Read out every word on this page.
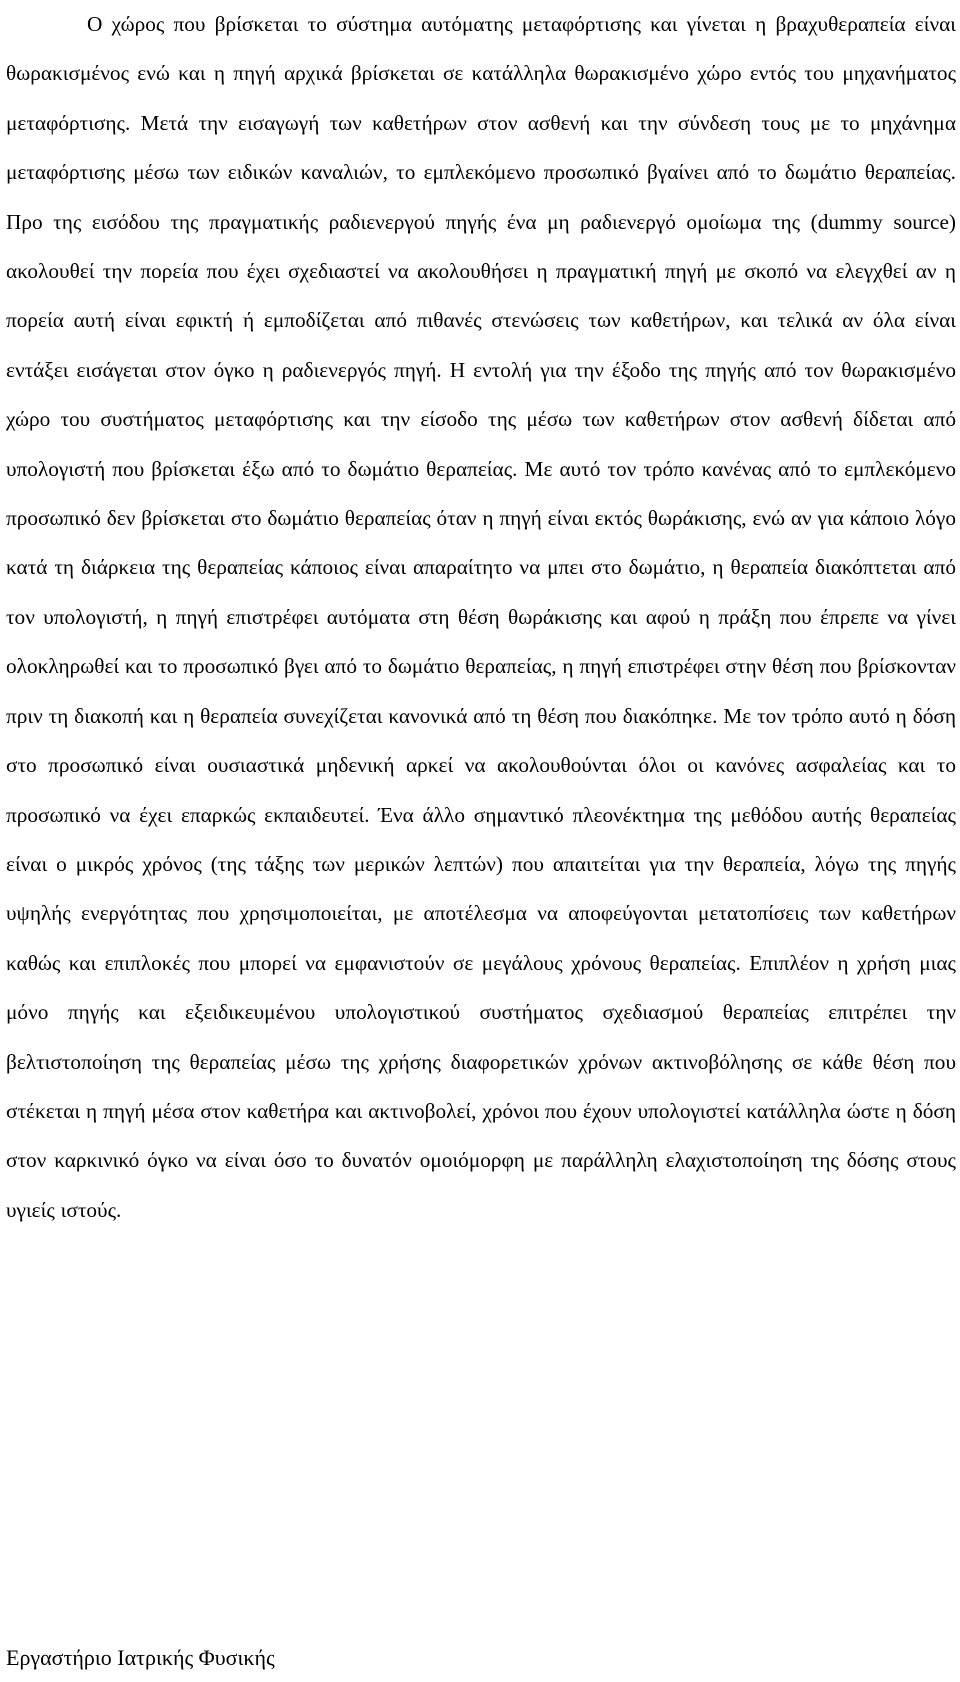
Ο χώρος που βρίσκεται το σύστημα αυτόματης μεταφόρτισης και γίνεται η βραχυθεραπεία είναι θωρακισμένος ενώ και η πηγή αρχικά βρίσκεται σε κατάλληλα θωρακισμένο χώρο εντός του μηχανήματος μεταφόρτισης. Μετά την εισαγωγή των καθετήρων στον ασθενή και την σύνδεση τους με το μηχάνημα μεταφόρτισης μέσω των ειδικών καναλιών, το εμπλεκόμενο προσωπικό βγαίνει από το δωμάτιο θεραπείας. Προ της εισόδου της πραγματικής ραδιενεργού πηγής ένα μη ραδιενεργό ομοίωμα της (dummy source) ακολουθεί την πορεία που έχει σχεδιαστεί να ακολουθήσει η πραγματική πηγή με σκοπό να ελεγχθεί αν η πορεία αυτή είναι εφικτή ή εμποδίζεται από πιθανές στενώσεις των καθετήρων, και τελικά αν όλα είναι εντάξει εισάγεται στον όγκο η ραδιενεργός πηγή. Η εντολή για την έξοδο της πηγής από τον θωρακισμένο χώρο του συστήματος μεταφόρτισης και την είσοδο της μέσω των καθετήρων στον ασθενή δίδεται από υπολογιστή που βρίσκεται έξω από το δωμάτιο θεραπείας. Με αυτό τον τρόπο κανένας από το εμπλεκόμενο προσωπικό δεν βρίσκεται στο δωμάτιο θεραπείας όταν η πηγή είναι εκτός θωράκισης, ενώ αν για κάποιο λόγο κατά τη διάρκεια της θεραπείας κάποιος είναι απαραίτητο να μπει στο δωμάτιο, η θεραπεία διακόπτεται από τον υπολογιστή, η πηγή επιστρέφει αυτόματα στη θέση θωράκισης και αφού η πράξη που έπρεπε να γίνει ολοκληρωθεί και το προσωπικό βγει από το δωμάτιο θεραπείας, η πηγή επιστρέφει στην θέση που βρίσκονταν πριν τη διακοπή και η θεραπεία συνεχίζεται κανονικά από τη θέση που διακόπηκε. Με τον τρόπο αυτό η δόση στο προσωπικό είναι ουσιαστικά μηδενική αρκεί να ακολουθούνται όλοι οι κανόνες ασφαλείας και το προσωπικό να έχει επαρκώς εκπαιδευτεί. Ένα άλλο σημαντικό πλεονέκτημα της μεθόδου αυτής θεραπείας είναι ο μικρός χρόνος (της τάξης των μερικών λεπτών) που απαιτείται για την θεραπεία, λόγω της πηγής υψηλής ενεργότητας που χρησιμοποιείται, με αποτέλεσμα να αποφεύγονται μετατοπίσεις των καθετήρων καθώς και επιπλοκές που μπορεί να εμφανιστούν σε μεγάλους χρόνους θεραπείας. Επιπλέον η χρήση μιας μόνο πηγής και εξειδικευμένου υπολογιστικού συστήματος σχεδιασμού θεραπείας επιτρέπει την βελτιστοποίηση της θεραπείας μέσω της χρήσης διαφορετικών χρόνων ακτινοβόλησης σε κάθε θέση που στέκεται η πηγή μέσα στον καθετήρα και ακτινοβολεί, χρόνοι που έχουν υπολογιστεί κατάλληλα ώστε η δόση στον καρκινικό όγκο να είναι όσο το δυνατόν ομοιόμορφη με παράλληλη ελαχιστοποίηση της δόσης στους υγιείς ιστούς.

Εργαστήριο Ιατρικής Φυσικής
